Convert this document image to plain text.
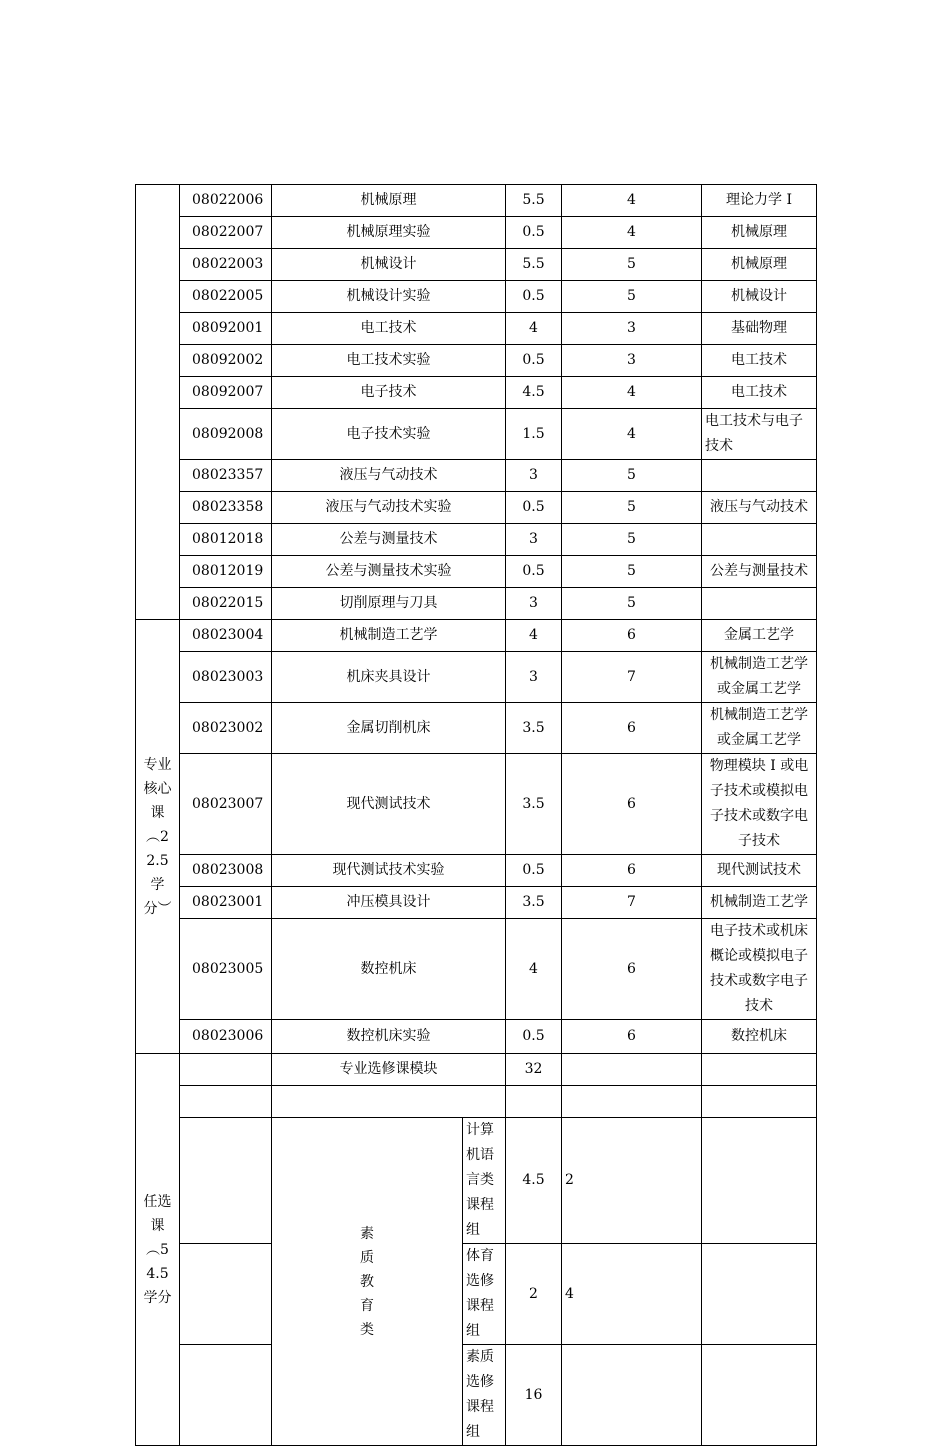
	08022006	机械原理		5.5	4	理论力学 Ⅰ	
	08022007	机械原理实验		0.5	4	机械原理	
	08022003	机械设计		5.5	5	机械原理	
	08022005	机械设计实验		0.5	5	机械设计	
	08092001	电工技术		4	3	基础物理	
	08092002	电工技术实验		0.5	3	电工技术	
	08092007	电子技术		4.5	4	电工技术	
	08092008	电子技术实验		1.5	4	电工技术与电子技术	
	08023357	液压与气动技术		3	5		
	08023358	液压与气动技术实验		0.5	5	液压与气动技术	
	08012018	公差与测量技术		3	5		
	08012019	公差与测量技术实验		0.5	5	公差与测量技术	
	08022015	切削原理与刀具		3	5		
专业核心课︵22.5学分︶	08023004	机械制造工艺学		4	6	金属工艺学	
	08023003	机床夹具设计		3	7	机械制造工艺学或金属工艺学	
	08023002	金属切削机床		3.5	6	机械制造工艺学或金属工艺学	
	08023007	现代测试技术		3.5	6	物理模块 Ⅰ 或电子技术或模拟电子技术或数字电子技术	
	08023008	现代测试技术实验		0.5	6	现代测试技术	
	08023001	冲压模具设计		3.5	7	机械制造工艺学	
	08023005	数控机床		4	6	电子技术或机床概论或模拟电子技术或数字电子技术	
	08023006	数控机床实验		0.5	6	数控机床	
任选课︵54.5学分		专业选修课模块		32			

		素质教育类	计算机语言类课程组	4.5	2		
			体育选修课程组	2	4		
			素质选修课程组	16			
